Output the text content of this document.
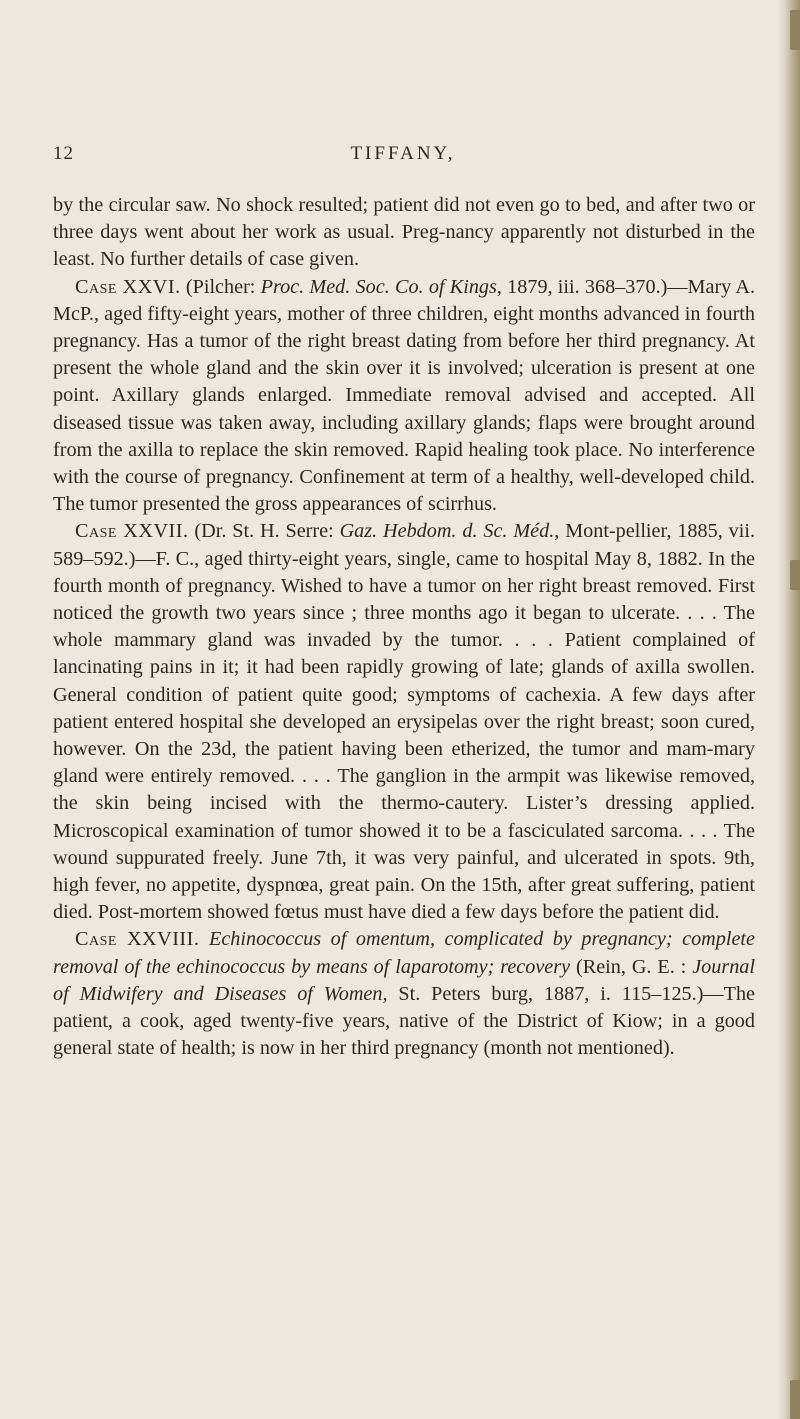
12	TIFFANY,

by the circular saw. No shock resulted; patient did not even go to bed, and after two or three days went about her work as usual. Preg-nancy apparently not disturbed in the least. No further details of case given.

Case XXVI. (Pilcher: Proc. Med. Soc. Co. of Kings, 1879, iii. 368–370.)—Mary A. McP., aged fifty-eight years, mother of three children, eight months advanced in fourth pregnancy. Has a tumor of the right breast dating from before her third pregnancy. At present the whole gland and the skin over it is involved; ulceration is present at one point. Axillary glands enlarged. Immediate removal advised and accepted. All diseased tissue was taken away, including axillary glands; flaps were brought around from the axilla to replace the skin removed. Rapid healing took place. No interference with the course of pregnancy. Confinement at term of a healthy, well-developed child. The tumor presented the gross appearances of scirrhus.

Case XXVII. (Dr. St. H. Serre: Gaz. Hebdom. d. Sc. Méd., Mont-pellier, 1885, vii. 589–592.)—F. C., aged thirty-eight years, single, came to hospital May 8, 1882. In the fourth month of pregnancy. Wished to have a tumor on her right breast removed. First noticed the growth two years since ; three months ago it began to ulcerate. . . . The whole mammary gland was invaded by the tumor. . . . Patient complained of lancinating pains in it; it had been rapidly growing of late; glands of axilla swollen. General condition of patient quite good; symptoms of cachexia. A few days after patient entered hospital she developed an erysipelas over the right breast; soon cured, however. On the 23d, the patient having been etherized, the tumor and mam-mary gland were entirely removed. . . . The ganglion in the armpit was likewise removed, the skin being incised with the thermo-cautery. Lister’s dressing applied. Microscopical examination of tumor showed it to be a fasciculated sarcoma. . . . The wound suppurated freely. June 7th, it was very painful, and ulcerated in spots. 9th, high fever, no appetite, dyspnœa, great pain. On the 15th, after great suffering, patient died. Post-mortem showed fœtus must have died a few days before the patient did.

Case XXVIII. Echinococcus of omentum, complicated by pregnancy; complete removal of the echinococcus by means of laparotomy; recovery (Rein, G. E. : Journal of Midwifery and Diseases of Women, St. Peters burg, 1887, i. 115–125.)—The patient, a cook, aged twenty-five years, native of the District of Kiow; in a good general state of health; is now in her third pregnancy (month not mentioned).
